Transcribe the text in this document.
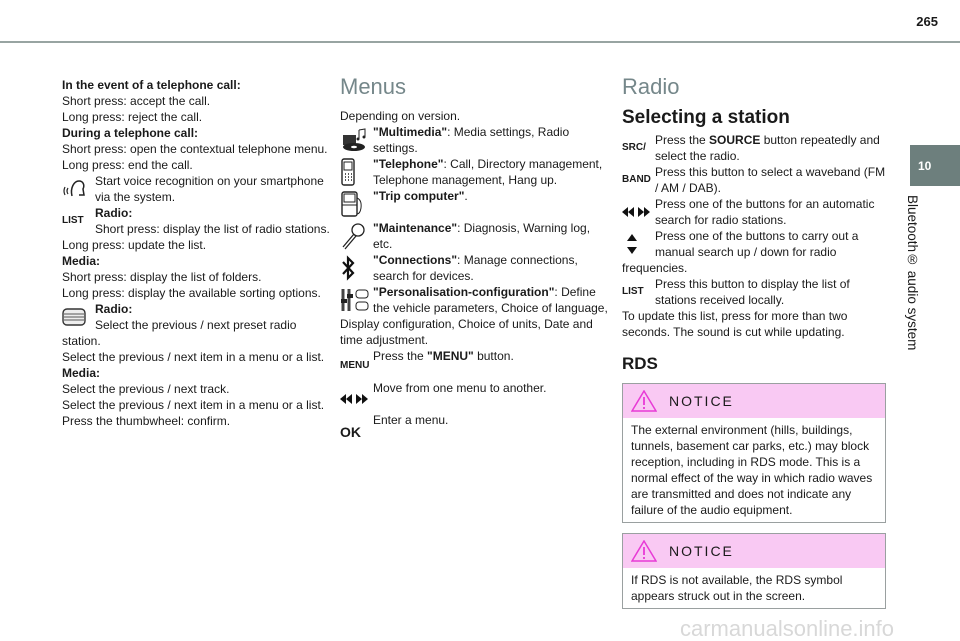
265

In the event of a telephone call:

Short press: accept the call.

Long press: reject the call.

During a telephone call:

Short press: open the contextual telephone menu.

Long press: end the call.

Start voice recognition on your smartphone via the system.

LIST

Radio:

Short press: display the list of radio stations.

Long press: update the list.

Media:

Short press: display the list of folders.

Long press: display the available sorting options.

Radio:

Select the previous / next preset radio station.

Select the previous / next item in a menu or a list.

Media:

Select the previous / next track.

Select the previous / next item in a menu or a list.

Press the thumbwheel: confirm.

Menus

Depending on version.

"Multimedia": Media settings, Radio settings.

"Telephone": Call, Directory management, Telephone management, Hang up.

"Trip computer".

"Maintenance": Diagnosis, Warning log, etc.

"Connections": Manage connections, search for devices.

"Personalisation-configuration": Define the vehicle parameters, Choice of language, Display configuration, Choice of units, Date and time adjustment.

MENU

Press the "MENU" button.

Move from one menu to another.

OK

Enter a menu.

Radio
Selecting a station
SRC/

Press the SOURCE button repeatedly and select the radio.

BAND

Press this button to select a waveband (FM / AM / DAB).

Press one of the buttons for an automatic search for radio stations.

Press one of the buttons to carry out a manual search up / down for radio frequencies.

LIST

Press this button to display the list of stations received locally.

To update this list, press for more than two seconds. The sound is cut while updating.

RDS
NOTICE
The external environment (hills, buildings, tunnels, basement car parks, etc.) may block reception, including in RDS mode. This is a normal effect of the way in which radio waves are transmitted and does not indicate any failure of the audio equipment.
NOTICE
If RDS is not available, the RDS symbol appears struck out in the screen.
10
Bluetooth® audio system
carmanualsonline.info
